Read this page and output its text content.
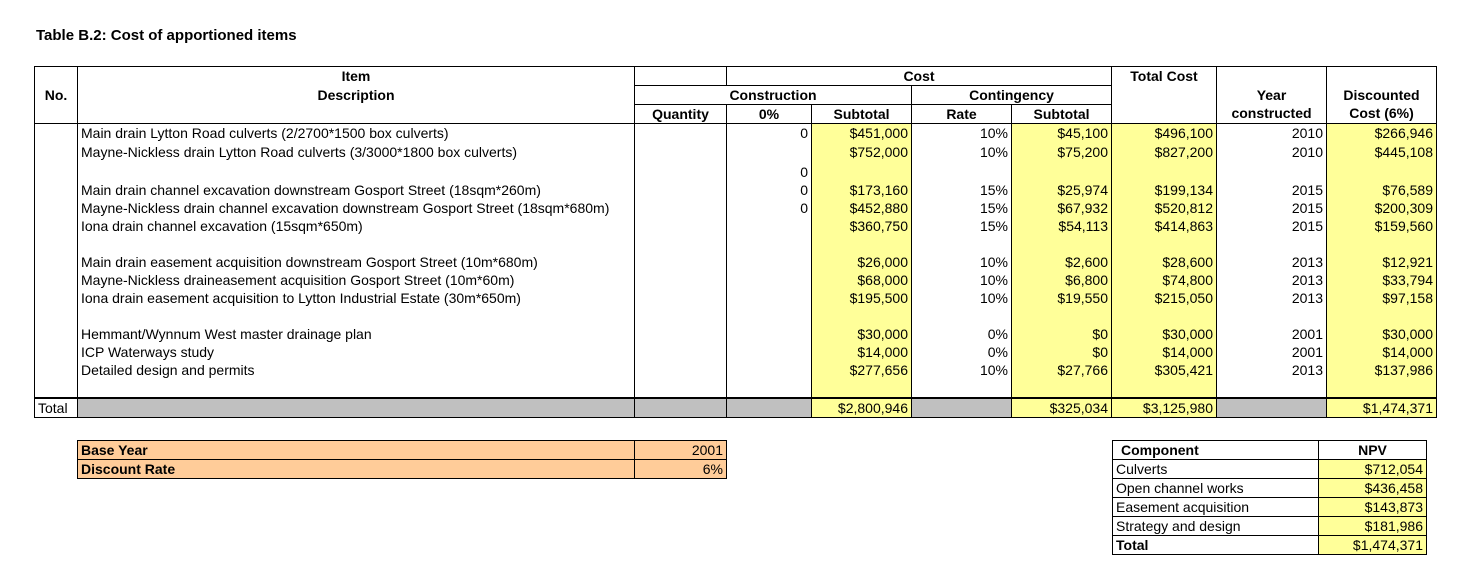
Table B.2: Cost of apportioned items
	Item		Cost				Total Cost		
No.	Description	Construction			Contingency			Year	Discounted
		Quantity	0%	Subtotal	Rate	Subtotal		constructed	Cost (6%)
	Main drain Lytton Road culverts (2/2700*1500 box culverts)		0	$451,000	10%	$45,100	$496,100	2010	$266,946
	Mayne-Nickless drain Lytton Road culverts (3/3000*1800 box culverts)			$752,000	10%	$75,200	$827,200	2010	$445,108
			0						
	Main drain channel excavation downstream Gosport Street (18sqm*260m)		0	$173,160	15%	$25,974	$199,134	2015	$76,589
	Mayne-Nickless drain channel excavation downstream Gosport Street (18sqm*680m)		0	$452,880	15%	$67,932	$520,812	2015	$200,309
	Iona drain channel excavation (15sqm*650m)			$360,750	15%	$54,113	$414,863	2015	$159,560

	Main drain easement acquisition downstream Gosport Street (10m*680m)			$26,000	10%	$2,600	$28,600	2013	$12,921
	Mayne-Nickless draineasement acquisition Gosport Street (10m*60m)			$68,000	10%	$6,800	$74,800	2013	$33,794
	Iona drain easement acquisition to Lytton Industrial Estate (30m*650m)			$195,500	10%	$19,550	$215,050	2013	$97,158

	Hemmant/Wynnum West master drainage plan			$30,000	0%	$0	$30,000	2001	$30,000
	ICP Waterways study			$14,000	0%	$0	$14,000	2001	$14,000
	Detailed design and permits			$277,656	10%	$27,766	$305,421	2013	$137,986

Total				$2,800,946		$325,034	$3,125,980		$1,474,371
Base Year	2001
Discount Rate	6%
Component	NPV
Culverts	$712,054
Open channel works	$436,458
Easement acquisition	$143,873
Strategy and design	$181,986
Total	$1,474,371
